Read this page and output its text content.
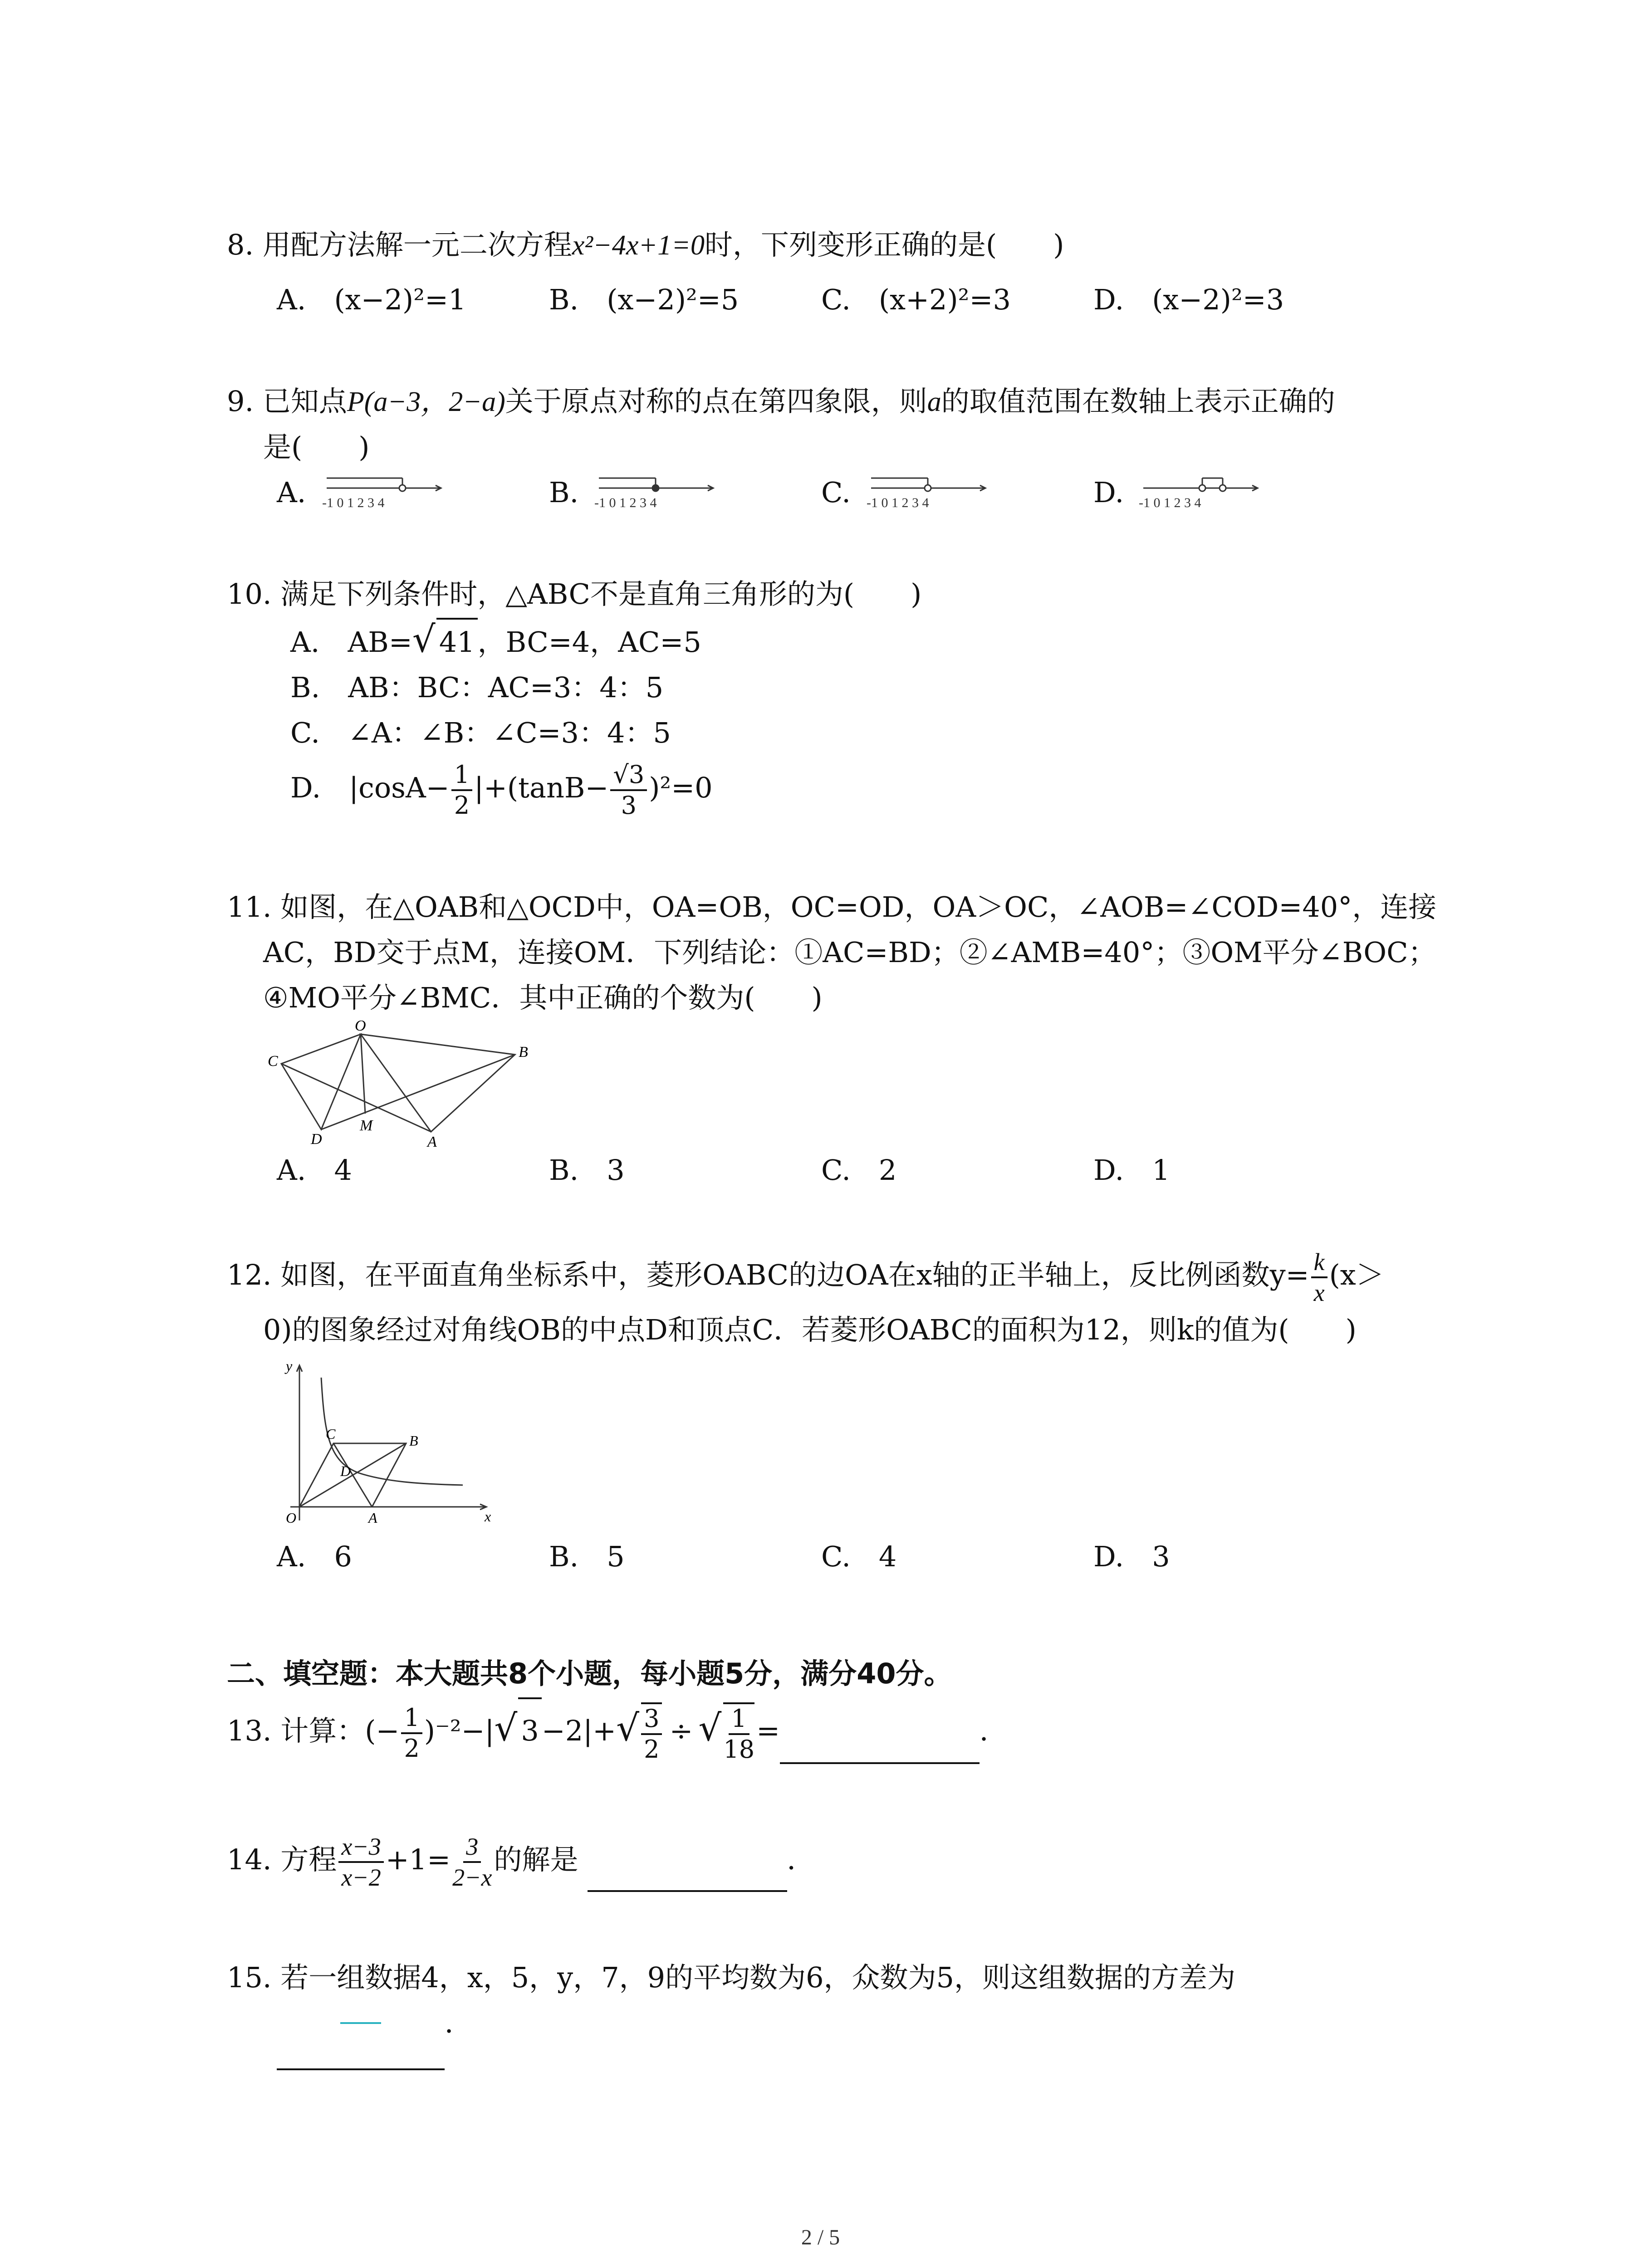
8. 用配方法解一元二次方程x²−4x+1=0时，下列变形正确的是(　　)
A.　(x−2)²=1	B.　(x−2)²=5	C.　(x+2)²=3	D.　(x−2)²=3
9. 已知点P(a−3，2−a)关于原点对称的点在第四象限，则a的取值范围在数轴上表示正确的
是(　　)
A. -1 0 1 2 3 4	B. -1 0 1 2 3 4	C. -1 0 1 2 3 4	D. -1 0 1 2 3 4
10. 满足下列条件时，△ABC不是直角三角形的为(　　)
A.　AB=√ 41，BC=4，AC=5
B.　AB：BC：AC=3：4：5
C.　∠A：∠B：∠C=3：4：5
D.　$|\cos A- \frac{1}{2} |+(\tan B- \frac{√3}{3} )^2=0$
11. 如图，在△OAB和△OCD中，OA=OB，OC=OD，OA＞OC，∠AOB=∠COD=40°，连接
AC，BD交于点M，连接OM．下列结论：①AC=BD；②∠AMB=40°；③OM平分∠BOC；
④MO平分∠BMC．其中正确的个数为(　　)
O
C
B
D
M
A
A.　4	B.　3	C.　2	D.　1
12. 如图，在平面直角坐标系中，菱形OABC的边OA在x轴的正半轴上，反比例函数$y= \frac{k}{x} (x>$
0)的图象经过对角线OB的中点D和顶点C．若菱形OABC的面积为12，则k的值为(　　)
y
C	B
D
O	A	x
A.　6	B.　5	C.　4	D.　3
二、填空题：本大题共8个小题，每小题5分，满分40分。
13. 计算：(− $\frac{1}{2} )^{-2}-|√$ $3-2|+√ \frac{3}{2}$ ÷ √ $\frac{1}{18}$ =	．
14. 方程 $\frac{x-3}{x-2} +1= \frac{3}{2-x}$ 的解是	．
15. 若一组数据4，x，5，y，7，9的平均数为6，众数为5，则这组数据的方差为
．
2 / 5
